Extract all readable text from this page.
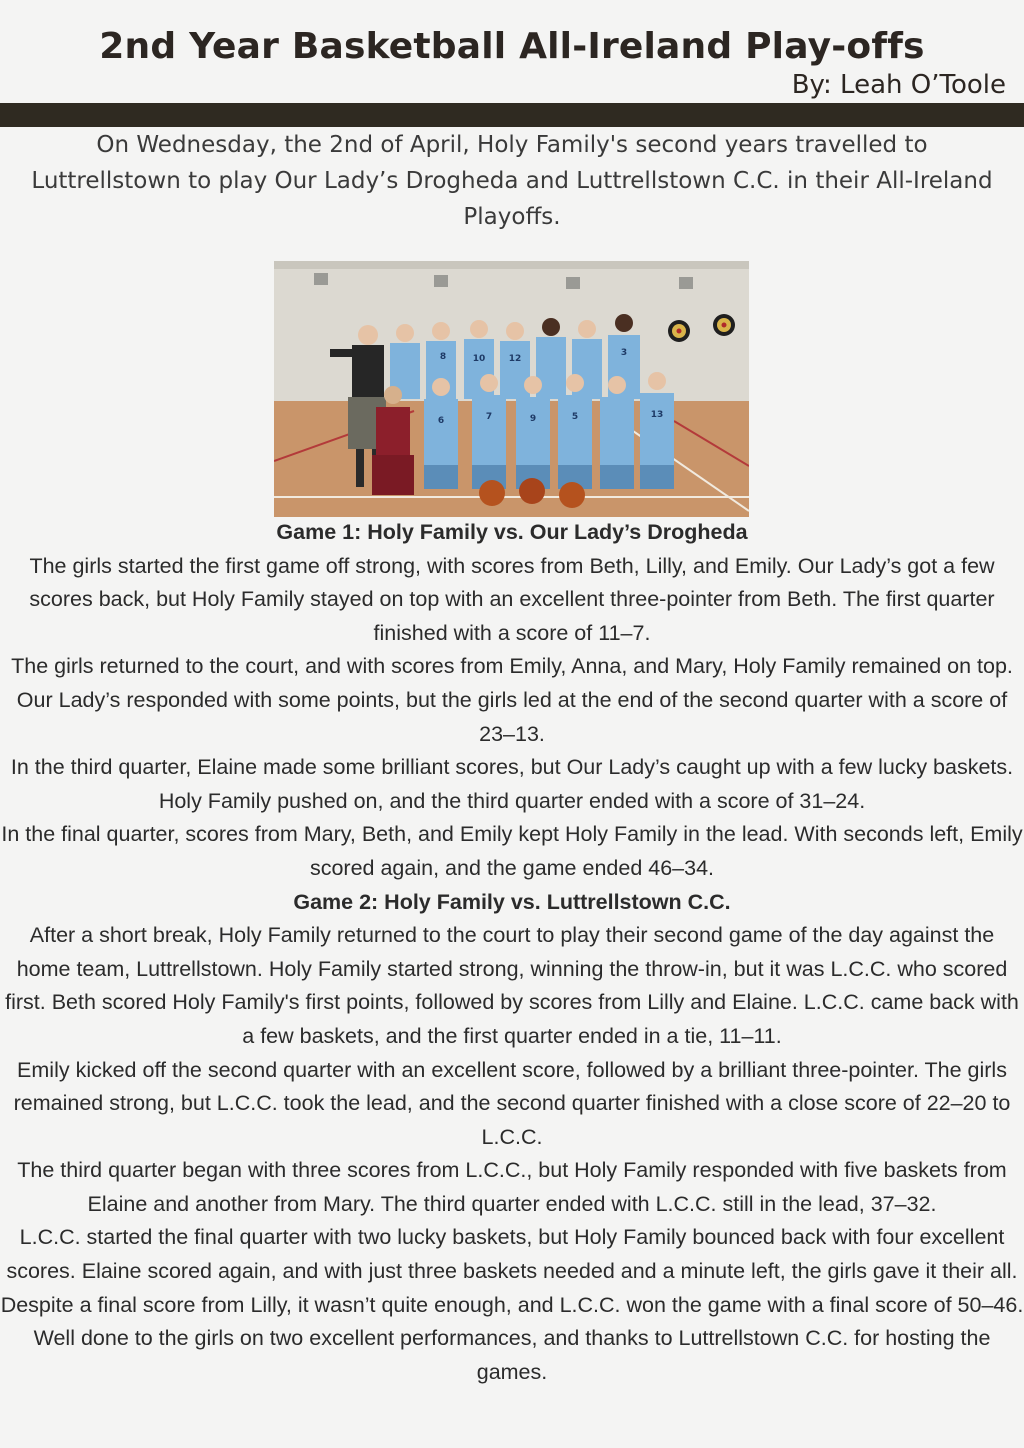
2nd Year Basketball All-Ireland Play-offs

By: Leah O’Toole

On Wednesday, the 2nd of April, Holy Family's second years travelled to Luttrellstown to play Our Lady’s Drogheda and Luttrellstown C.C. in their All-Ireland Playoffs.

10
8	12
3
6	7	9	5	13

Game 1: Holy Family vs. Our Lady’s Drogheda

The girls started the first game off strong, with scores from Beth, Lilly, and Emily. Our Lady’s got a few scores back, but Holy Family stayed on top with an excellent three-pointer from Beth. The first quarter finished with a score of 11–7.

The girls returned to the court, and with scores from Emily, Anna, and Mary, Holy Family remained on top. Our Lady’s responded with some points, but the girls led at the end of the second quarter with a score of 23–13.

In the third quarter, Elaine made some brilliant scores, but Our Lady’s caught up with a few lucky baskets. Holy Family pushed on, and the third quarter ended with a score of 31–24.

In the final quarter, scores from Mary, Beth, and Emily kept Holy Family in the lead. With seconds left, Emily scored again, and the game ended 46–34.

Game 2: Holy Family vs. Luttrellstown C.C.

After a short break, Holy Family returned to the court to play their second game of the day against the home team, Luttrellstown. Holy Family started strong, winning the throw-in, but it was L.C.C. who scored first. Beth scored Holy Family's first points, followed by scores from Lilly and Elaine. L.C.C. came back with a few baskets, and the first quarter ended in a tie, 11–11.

Emily kicked off the second quarter with an excellent score, followed by a brilliant three-pointer. The girls remained strong, but L.C.C. took the lead, and the second quarter finished with a close score of 22–20 to L.C.C.

The third quarter began with three scores from L.C.C., but Holy Family responded with five baskets from Elaine and another from Mary. The third quarter ended with L.C.C. still in the lead, 37–32.

L.C.C. started the final quarter with two lucky baskets, but Holy Family bounced back with four excellent scores. Elaine scored again, and with just three baskets needed and a minute left, the girls gave it their all. Despite a final score from Lilly, it wasn’t quite enough, and L.C.C. won the game with a final score of 50–46.

Well done to the girls on two excellent performances, and thanks to Luttrellstown C.C. for hosting the games.
